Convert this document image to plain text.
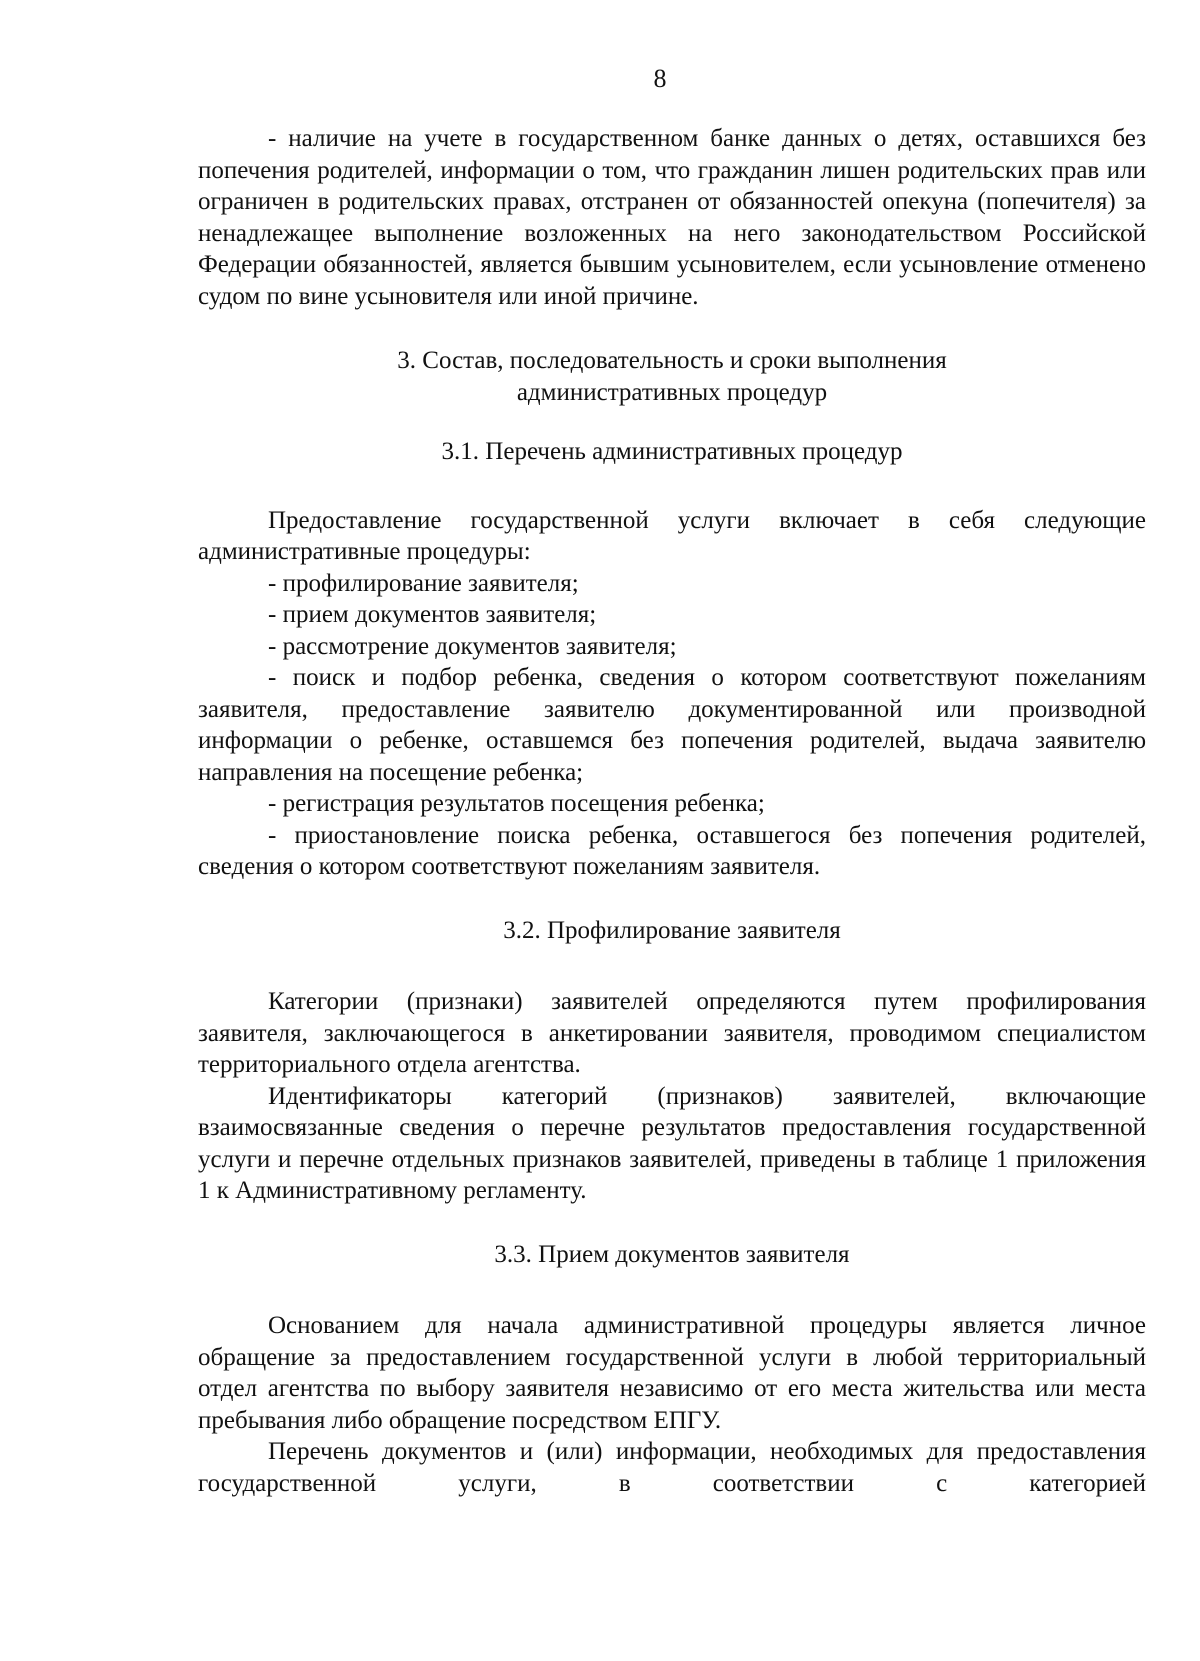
8

- наличие на учете в государственном банке данных о детях, оставшихся без попечения родителей, информации о том, что гражданин лишен родительских прав или ограничен в родительских правах, отстранен от обязанностей опекуна (попечителя) за ненадлежащее выполнение возложенных на него законодательством Российской Федерации обязанностей, является бывшим усыновителем, если усыновление отменено судом по вине усыновителя или иной причине.

3. Состав, последовательность и сроки выполнения
административных процедур
3.1. Перечень административных процедур

Предоставление государственной услуги включает в себя следующие административные процедуры:

- профилирование заявителя;

- прием документов заявителя;

- рассмотрение документов заявителя;

- поиск и подбор ребенка, сведения о котором соответствуют пожеланиям заявителя, предоставление заявителю документированной или производной информации о ребенке, оставшемся без попечения родителей, выдача заявителю направления на посещение ребенка;

- регистрация результатов посещения ребенка;

- приостановление поиска ребенка, оставшегося без попечения родителей, сведения о котором соответствуют пожеланиям заявителя.

3.2. Профилирование заявителя

Категории (признаки) заявителей определяются путем профилирования заявителя, заключающегося в анкетировании заявителя, проводимом специалистом территориального отдела агентства.

Идентификаторы категорий (признаков) заявителей, включающие взаимосвязанные сведения о перечне результатов предоставления государственной услуги и перечне отдельных признаков заявителей, приведены в таблице 1 приложения 1 к Административному регламенту.

3.3. Прием документов заявителя

Основанием для начала административной процедуры является личное обращение за предоставлением государственной услуги в любой территориальный отдел агентства по выбору заявителя независимо от его места жительства или места пребывания либо обращение посредством ЕПГУ.

Перечень документов и (или) информации, необходимых для предоставления государственной услуги, в соответствии с категорией
